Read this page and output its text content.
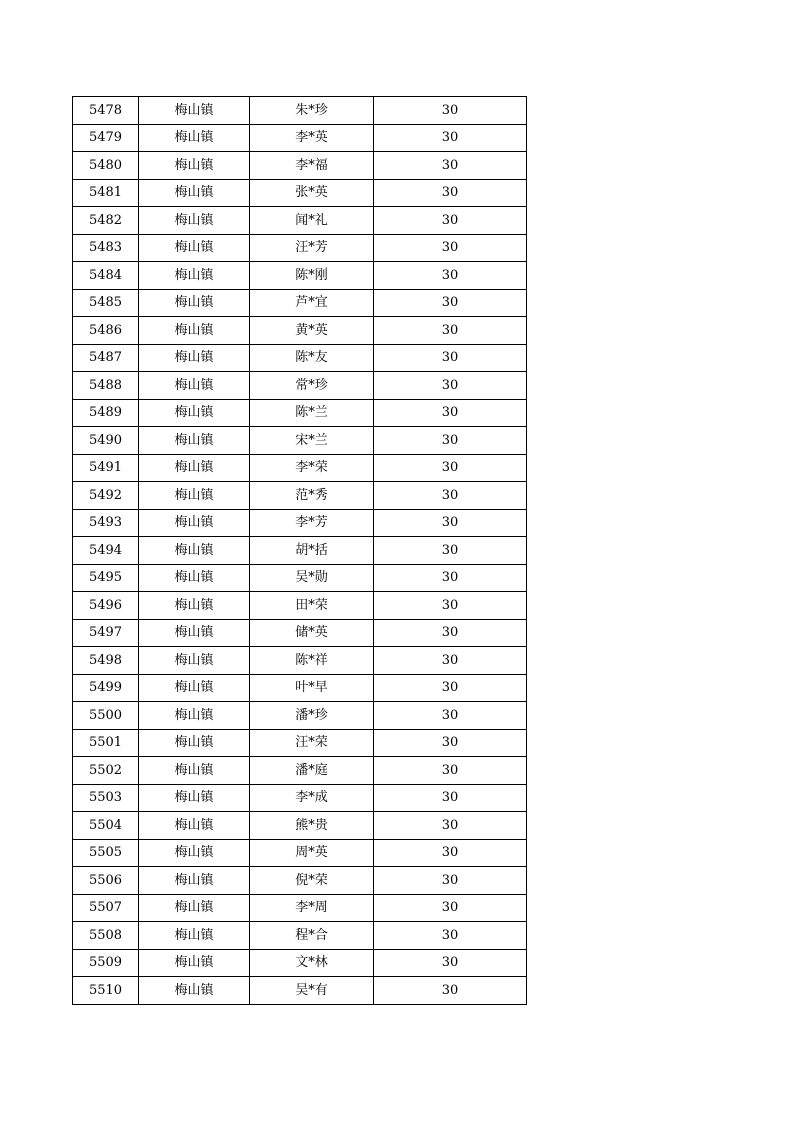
5478	梅山镇	朱*珍	30
5479	梅山镇	李*英	30
5480	梅山镇	李*福	30
5481	梅山镇	张*英	30
5482	梅山镇	闻*礼	30
5483	梅山镇	汪*芳	30
5484	梅山镇	陈*刚	30
5485	梅山镇	芦*宜	30
5486	梅山镇	黄*英	30
5487	梅山镇	陈*友	30
5488	梅山镇	常*珍	30
5489	梅山镇	陈*兰	30
5490	梅山镇	宋*兰	30
5491	梅山镇	李*荣	30
5492	梅山镇	范*秀	30
5493	梅山镇	李*芳	30
5494	梅山镇	胡*括	30
5495	梅山镇	吴*勋	30
5496	梅山镇	田*荣	30
5497	梅山镇	储*英	30
5498	梅山镇	陈*祥	30
5499	梅山镇	叶*早	30
5500	梅山镇	潘*珍	30
5501	梅山镇	汪*荣	30
5502	梅山镇	潘*庭	30
5503	梅山镇	李*成	30
5504	梅山镇	熊*贵	30
5505	梅山镇	周*英	30
5506	梅山镇	倪*荣	30
5507	梅山镇	李*周	30
5508	梅山镇	程*合	30
5509	梅山镇	文*林	30
5510	梅山镇	吴*有	30
